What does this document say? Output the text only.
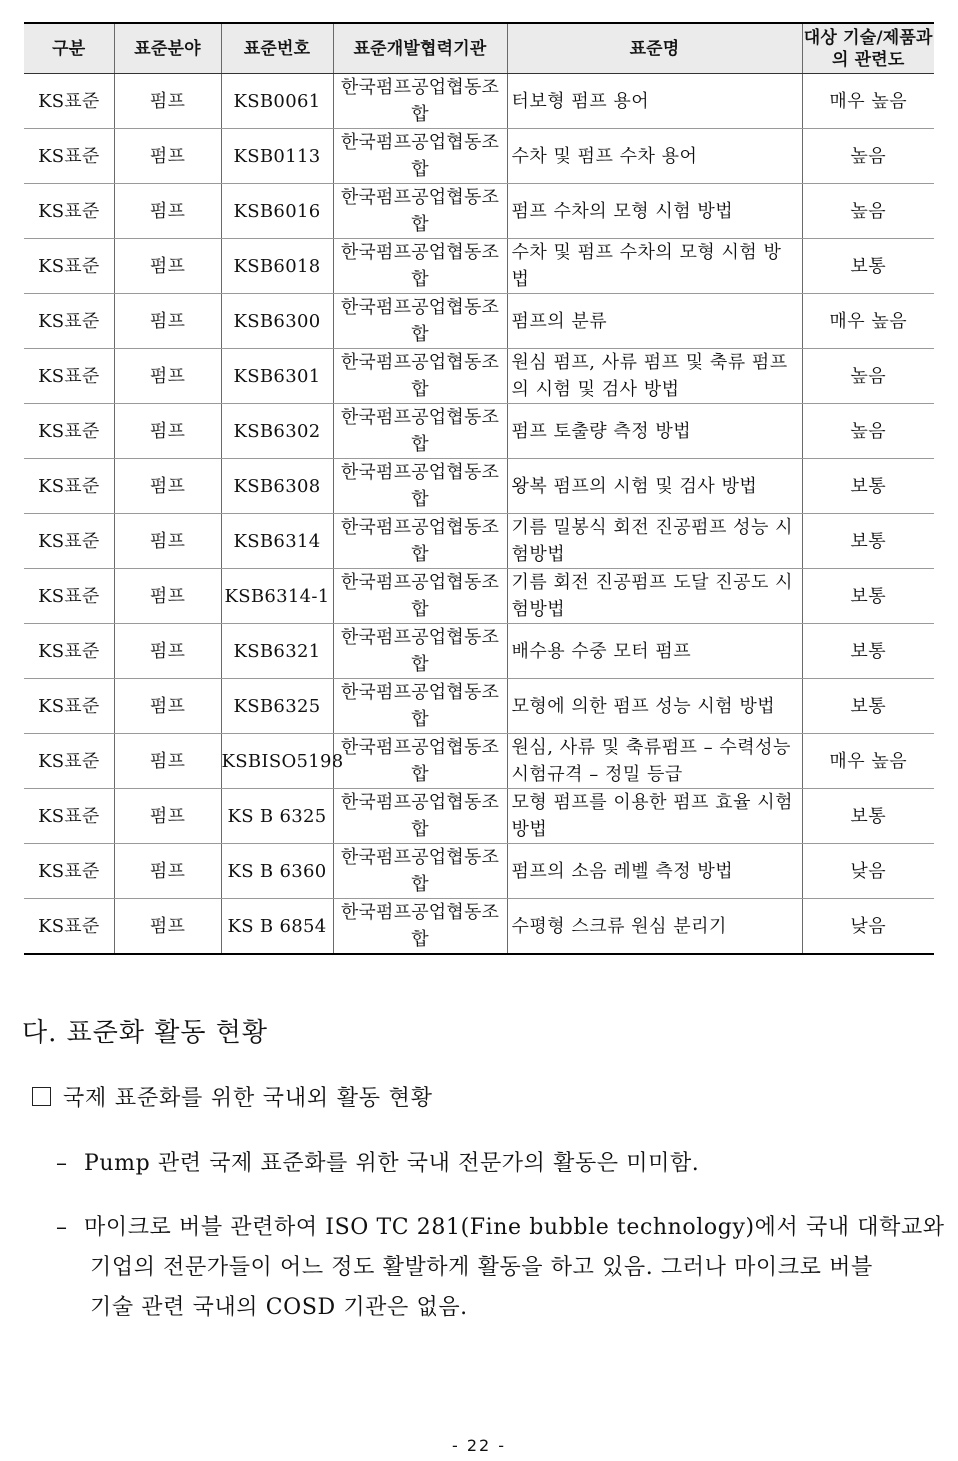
구분	표준분야	표준번호	표준개발협력기관	표준명	대상 기술/제품과의 관련도
KS표준	펌프	KSB0061	한국펌프공업협동조합	터보형 펌프 용어	매우 높음
KS표준	펌프	KSB0113	한국펌프공업협동조합	수차 및 펌프 수차 용어	높음
KS표준	펌프	KSB6016	한국펌프공업협동조합	펌프 수차의 모형 시험 방법	높음
KS표준	펌프	KSB6018	한국펌프공업협동조합	수차 및 펌프 수차의 모형 시험 방법	보통
KS표준	펌프	KSB6300	한국펌프공업협동조합	펌프의 분류	매우 높음
KS표준	펌프	KSB6301	한국펌프공업협동조합	원심 펌프, 사류 펌프 및 축류 펌프의 시험 및 검사 방법	높음
KS표준	펌프	KSB6302	한국펌프공업협동조합	펌프 토출량 측정 방법	높음
KS표준	펌프	KSB6308	한국펌프공업협동조합	왕복 펌프의 시험 및 검사 방법	보통
KS표준	펌프	KSB6314	한국펌프공업협동조합	기름 밀봉식 회전 진공펌프 성능 시험방법	보통
KS표준	펌프	KSB6314-1	한국펌프공업협동조합	기름 회전 진공펌프 도달 진공도 시험방법	보통
KS표준	펌프	KSB6321	한국펌프공업협동조합	배수용 수중 모터 펌프	보통
KS표준	펌프	KSB6325	한국펌프공업협동조합	모형에 의한 펌프 성능 시험 방법	보통
KS표준	펌프	KSBISO5198	한국펌프공업협동조합	원심, 사류 및 축류펌프 – 수력성능 시험규격 – 정밀 등급	매우 높음
KS표준	펌프	KS B 6325	한국펌프공업협동조합	모형 펌프를 이용한 펌프 효율 시험방법	보통
KS표준	펌프	KS B 6360	한국펌프공업협동조합	펌프의 소음 레벨 측정 방법	낮음
KS표준	펌프	KS B 6854	한국펌프공업협동조합	수평형 스크류 원심 분리기	낮음
다. 표준화 활동 현황

국제 표준화를 위한 국내외 활동 현황

– Pump 관련 국제 표준화를 위한 국내 전문가의 활동은 미미함.

– 마이크로 버블 관련하여 ISO TC 281(Fine bubble technology)에서 국내 대학교와
기업의 전문가들이 어느 정도 활발하게 활동을 하고 있음. 그러나 마이크로 버블
기술 관련 국내의 COSD 기관은 없음.

- 22 -
